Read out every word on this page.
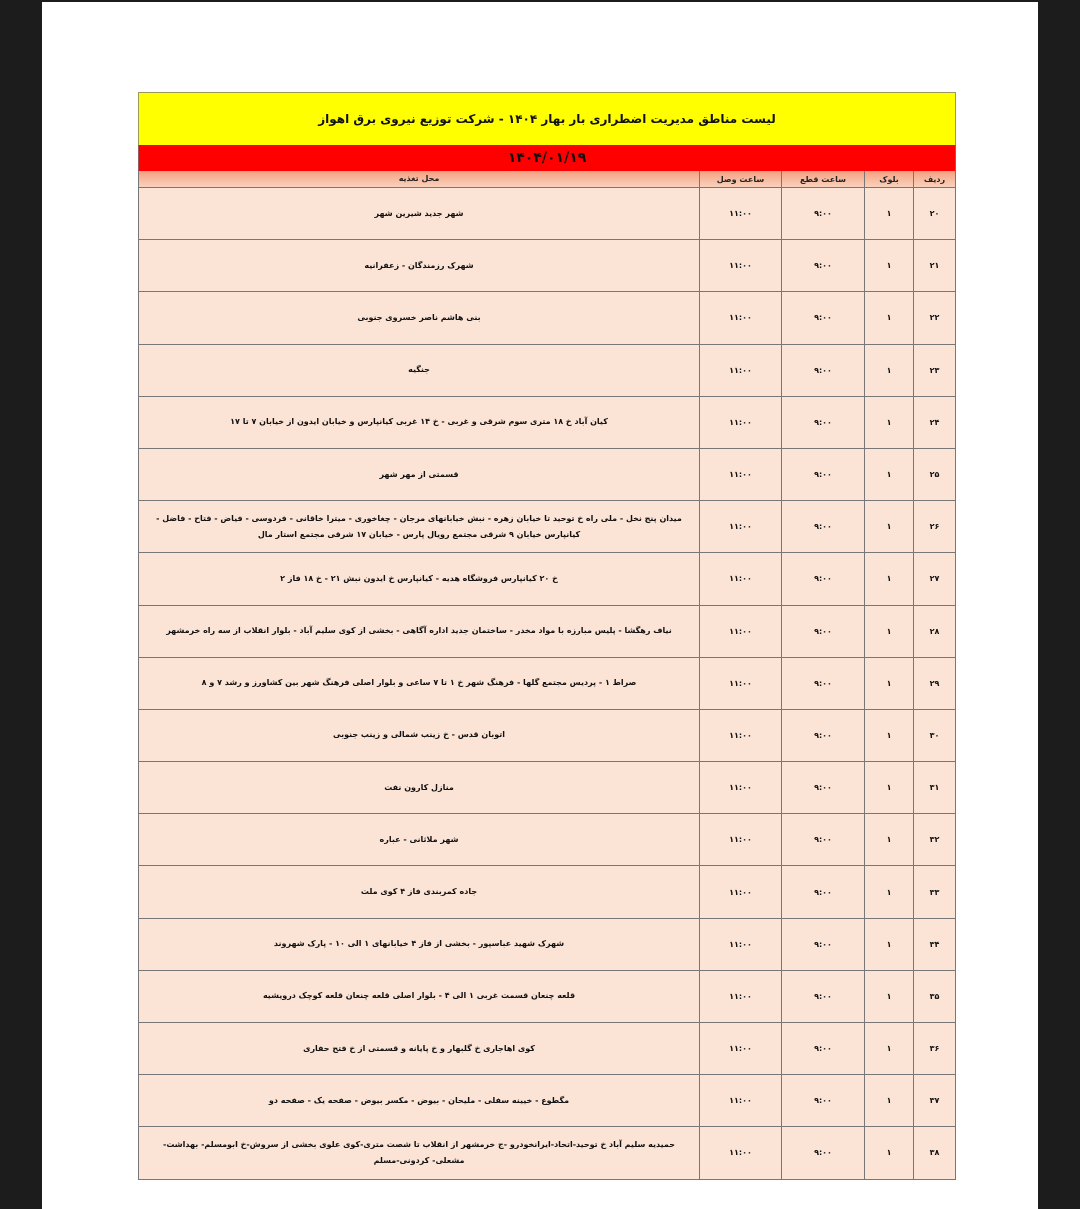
لیست مناطق مدیریت اضطراری بار بهار ۱۴۰۴ - شرکت توزیع نیروی برق اهواز
۱۴۰۴/۰۱/۱۹
ردیف
بلوک
ساعت قطع
ساعت وصل
محل تغذیه
۲۰
۱
۹:۰۰
۱۱:۰۰
شهر جدید شیرین شهر
۲۱
۱
۹:۰۰
۱۱:۰۰
شهرک رزمندگان - زعفرانیه
۲۲
۱
۹:۰۰
۱۱:۰۰
بنی هاشم ناصر خسروی جنوبی
۲۳
۱
۹:۰۰
۱۱:۰۰
جنگیه
۲۴
۱
۹:۰۰
۱۱:۰۰
کیان آباد خ ۱۸ متری سوم شرقی و غربی - خ ۱۴ غربی کیانپارس و خیابان ایدون از خیابان ۷ تا ۱۷
۲۵
۱
۹:۰۰
۱۱:۰۰
قسمتی از مهر شهر
۲۶
۱
۹:۰۰
۱۱:۰۰
میدان پنج نخل - ملی راه خ توحید تا خیابان زهره - نبش خیابانهای مرجان - چغاخوری - میترا خاقانی - فردوسی - فیاض - فتاح - فاضل - کیانپارس خیابان ۹ شرقی مجتمع رویال پارس - خیابان ۱۷ شرقی مجتمع استار مال
۲۷
۱
۹:۰۰
۱۱:۰۰
خ ۲۰ کیانپارس فروشگاه هدیه - کیانپارس خ ایدون نبش ۲۱ - خ ۱۸ فاز ۲
۲۸
۱
۹:۰۰
۱۱:۰۰
نیاف رهگشا - پلیس مبارزه با مواد مخدر - ساختمان جدید اداره آگاهی - بخشی از کوی سلیم آباد - بلوار انقلاب از سه راه خرمشهر
۲۹
۱
۹:۰۰
۱۱:۰۰
صراط ۱ - پردیس مجتمع گلها - فرهنگ شهر خ ۱ تا ۷ ساعی و بلوار اصلی فرهنگ شهر بین کشاورز و رشد ۷ و ۸
۳۰
۱
۹:۰۰
۱۱:۰۰
اتوبان قدس - خ زینب شمالی و زینب جنوبی
۳۱
۱
۹:۰۰
۱۱:۰۰
منازل کارون نفت
۳۲
۱
۹:۰۰
۱۱:۰۰
شهر ملاثانی - عباره
۳۳
۱
۹:۰۰
۱۱:۰۰
جاده کمربندی فاز ۴ کوی ملت
۳۴
۱
۹:۰۰
۱۱:۰۰
شهرک شهید عباسپور - بخشی از فاز ۴ خیابانهای ۱ الی ۱۰ - پارک شهروند
۳۵
۱
۹:۰۰
۱۱:۰۰
قلعه چنعان قسمت غربی ۱ الی ۴ - بلوار اصلی قلعه چنعان قلعه کوچک درویشیه
۳۶
۱
۹:۰۰
۱۱:۰۰
کوی اهاجاری خ گلبهار و خ پایانه و قسمتی از خ فتح حفاری
۳۷
۱
۹:۰۰
۱۱:۰۰
مگطوع - خیینه سفلی - ملیحان - بیوض - مکسر بیوض - صفحه یک - صفحه دو
۳۸
۱
۹:۰۰
۱۱:۰۰
حمیدیه سلیم آباد خ توحید-اتحاد-ایرانخودرو -ج خرمشهر از انقلاب تا شصت متری-کوی علوی بخشی از سروش-خ ابومسلم- بهداشت- مشعلی- کردونی-مسلم
